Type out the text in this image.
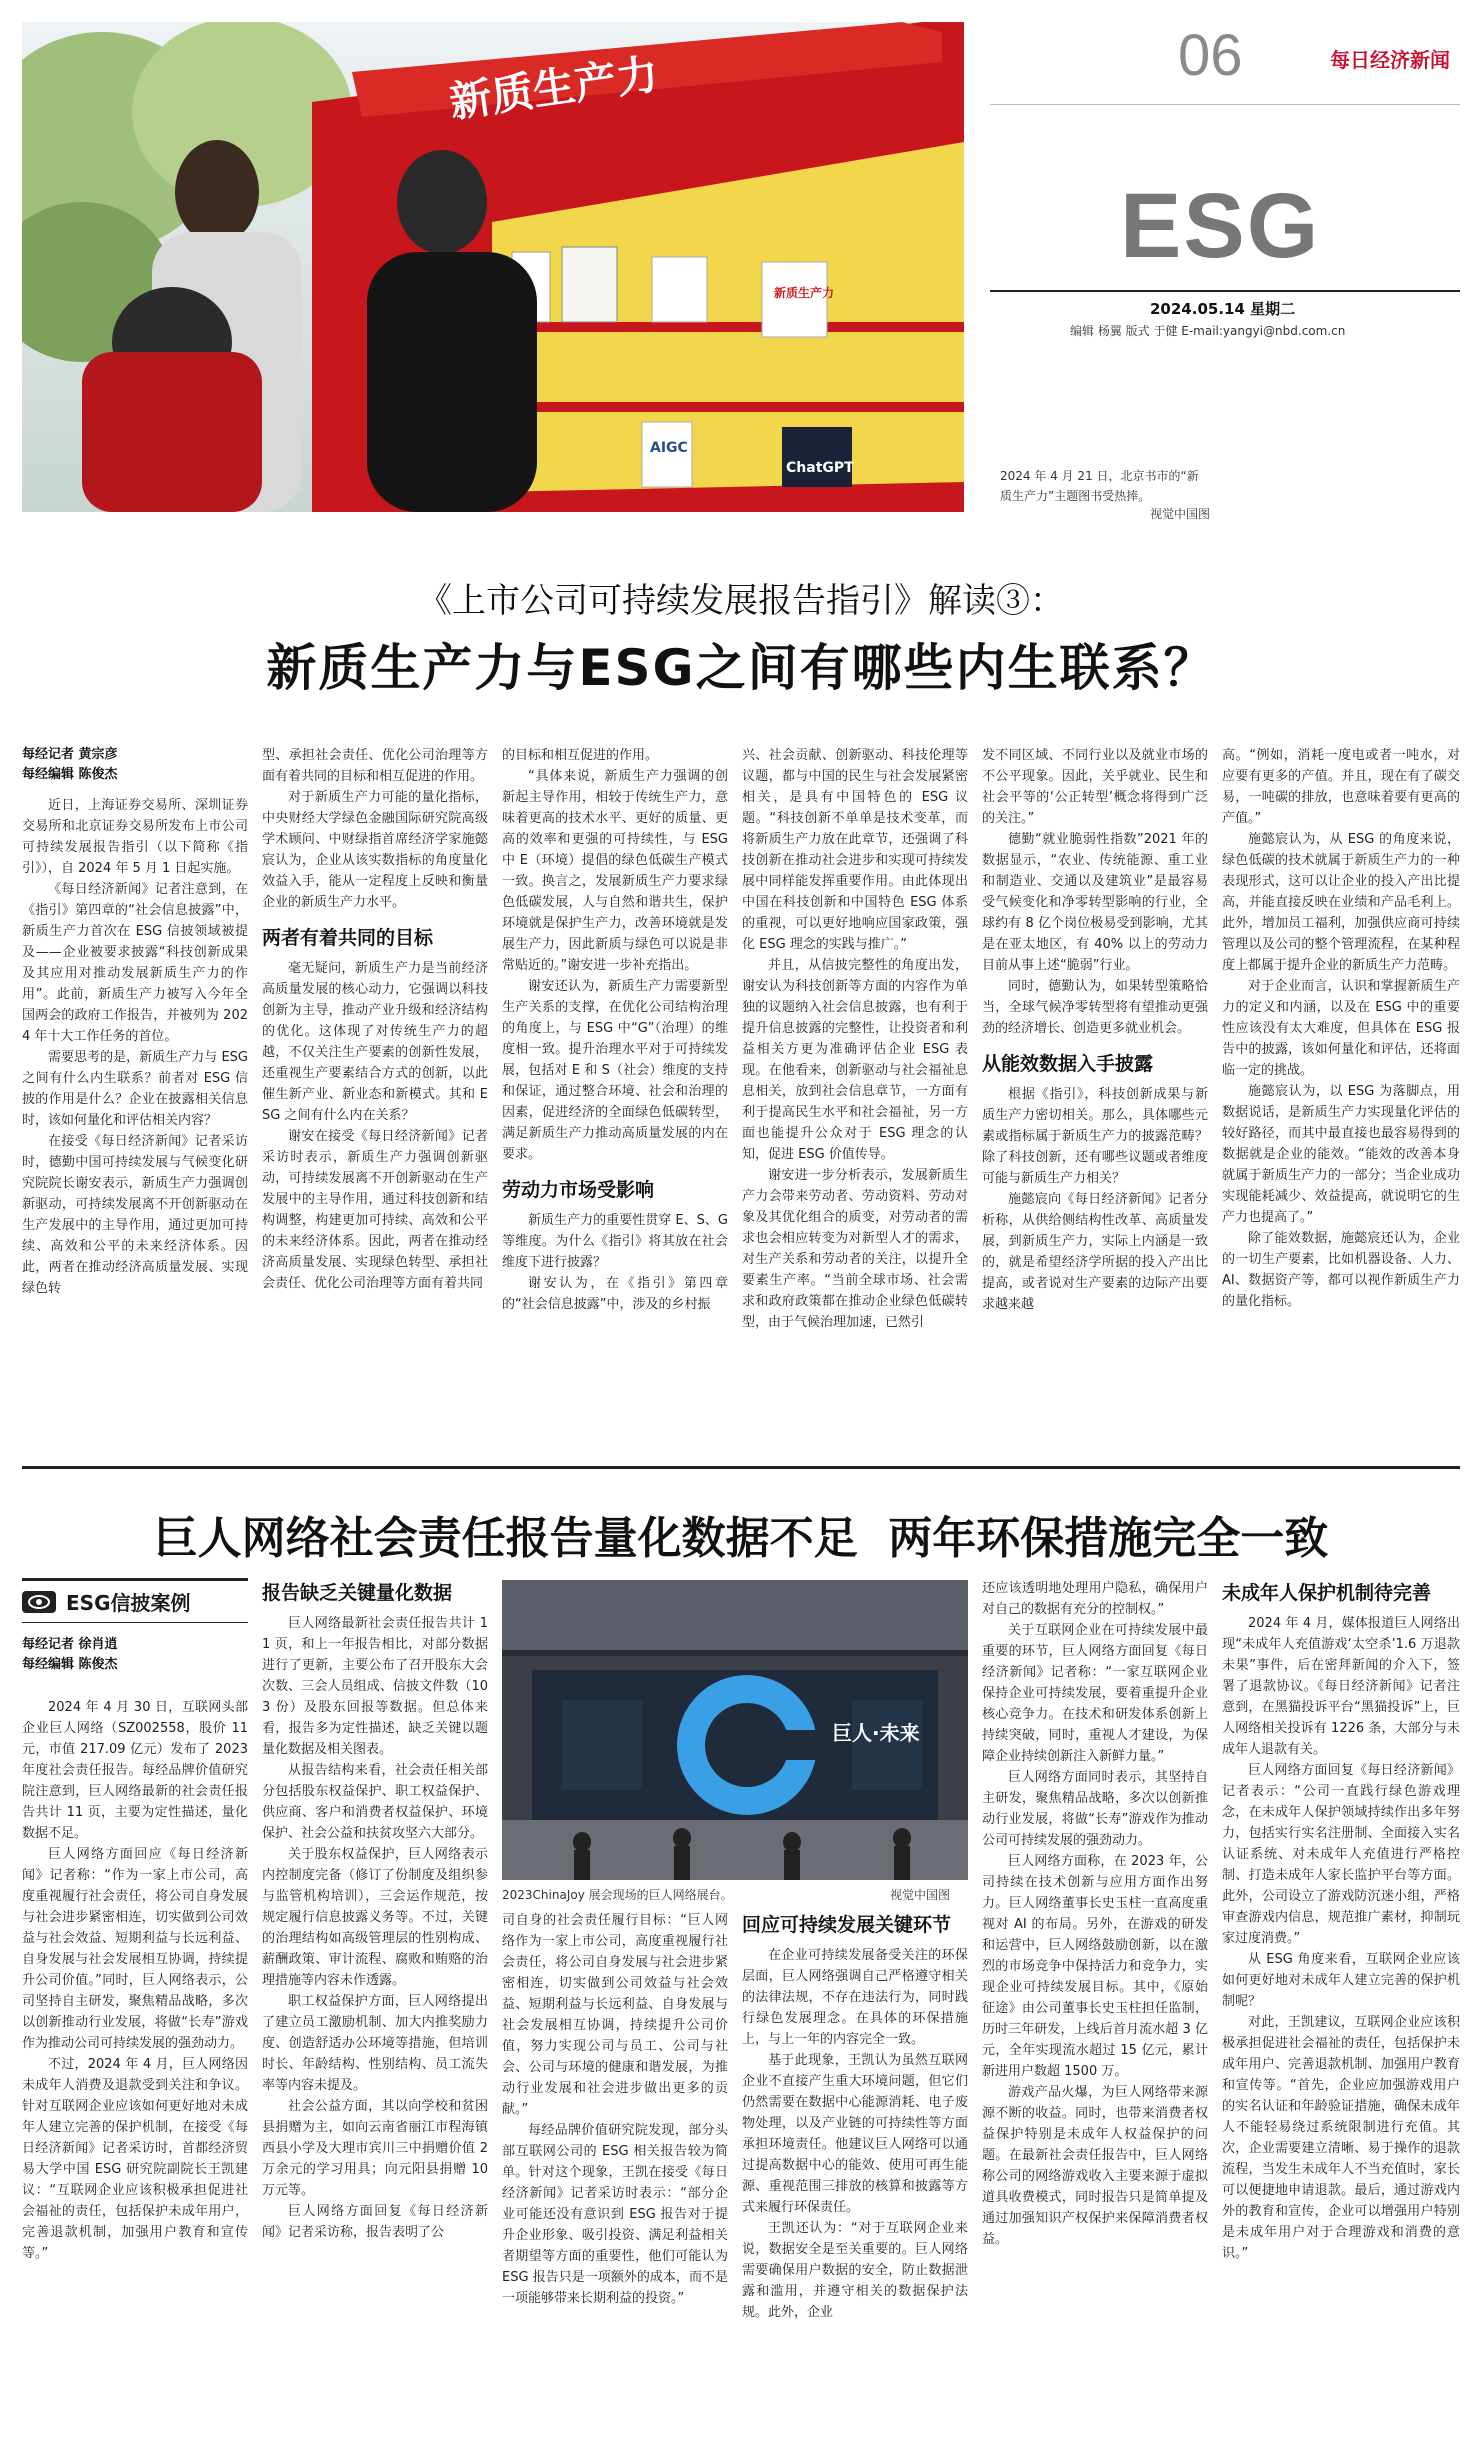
新质生产力
新质生产力
AIGC
ChatGPT
06	每日经济新闻
ESG
2024.05.14 星期二
编辑 杨翼 版式 于健 E-mail:yangyi@nbd.com.cn
2024 年 4 月 21 日，北京书市的“新质生产力”主题图书受热捧。
视觉中国图
《上市公司可持续发展报告指引》解读③：
新质生产力与ESG之间有哪些内生联系？
每经记者 黄宗彦
每经编辑 陈俊杰

近日，上海证券交易所、深圳证券交易所和北京证券交易所发布上市公司可持续发展报告指引（以下简称《指引》），自 2024 年 5 月 1 日起实施。

《每日经济新闻》记者注意到，在《指引》第四章的“社会信息披露”中，新质生产力首次在 ESG 信披领域被提及——企业被要求披露“科技创新成果及其应用对推动发展新质生产力的作用”。此前，新质生产力被写入今年全国两会的政府工作报告，并被列为 2024 年十大工作任务的首位。

需要思考的是，新质生产力与 ESG 之间有什么内生联系？前者对 ESG 信披的作用是什么？企业在披露相关信息时，该如何量化和评估相关内容？

在接受《每日经济新闻》记者采访时，德勤中国可持续发展与气候变化研究院院长谢安表示，新质生产力强调创新驱动，可持续发展离不开创新驱动在生产发展中的主导作用，通过更加可持续、高效和公平的未来经济体系。因此，两者在推动经济高质量发展、实现绿色转

型、承担社会责任、优化公司治理等方面有着共同的目标和相互促进的作用。

对于新质生产力可能的量化指标，中央财经大学绿色金融国际研究院高级学术顾问、中财绿指首席经济学家施懿宸认为，企业从该实数指标的角度量化效益入手，能从一定程度上反映和衡量企业的新质生产力水平。

两者有着共同的目标

毫无疑问，新质生产力是当前经济高质量发展的核心动力，它强调以科技创新为主导，推动产业升级和经济结构的优化。这体现了对传统生产力的超越，不仅关注生产要素的创新性发展，还重视生产要素结合方式的创新，以此催生新产业、新业态和新模式。其和 ESG 之间有什么内在关系？

谢安在接受《每日经济新闻》记者采访时表示，新质生产力强调创新驱动，可持续发展离不开创新驱动在生产发展中的主导作用，通过科技创新和结构调整，构建更加可持续、高效和公平的未来经济体系。因此，两者在推动经济高质量发展、实现绿色转型、承担社会责任、优化公司治理等方面有着共同

的目标和相互促进的作用。

“具体来说，新质生产力强调的创新起主导作用，相较于传统生产力，意味着更高的技术水平、更好的质量、更高的效率和更强的可持续性，与 ESG 中 E（环境）提倡的绿色低碳生产模式一致。换言之，发展新质生产力要求绿色低碳发展，人与自然和谐共生，保护环境就是保护生产力，改善环境就是发展生产力，因此新质与绿色可以说是非常贴近的。”谢安进一步补充指出。

谢安还认为，新质生产力需要新型生产关系的支撑，在优化公司结构治理的角度上，与 ESG 中“G”（治理）的维度相一致。提升治理水平对于可持续发展，包括对 E 和 S（社会）维度的支持和保证，通过整合环境、社会和治理的因素，促进经济的全面绿色低碳转型，满足新质生产力推动高质量发展的内在要求。

劳动力市场受影响

新质生产力的重要性贯穿 E、S、G 等维度。为什么《指引》将其放在社会维度下进行披露？

谢安认为，在《指引》第四章的“社会信息披露”中，涉及的乡村振

兴、社会贡献、创新驱动、科技伦理等议题，都与中国的民生与社会发展紧密相关，是具有中国特色的 ESG 议题。“科技创新不单单是技术变革，而将新质生产力放在此章节，还强调了科技创新在推动社会进步和实现可持续发展中同样能发挥重要作用。由此体现出中国在科技创新和中国特色 ESG 体系的重视，可以更好地响应国家政策，强化 ESG 理念的实践与推广。”

并且，从信披完整性的角度出发，谢安认为科技创新等方面的内容作为单独的议题纳入社会信息披露，也有利于提升信息披露的完整性，让投资者和利益相关方更为准确评估企业 ESG 表现。在他看来，创新驱动与社会福祉息息相关，放到社会信息章节，一方面有利于提高民生水平和社会福祉，另一方面也能提升公众对于 ESG 理念的认知，促进 ESG 价值传导。

谢安进一步分析表示，发展新质生产力会带来劳动者、劳动资料、劳动对象及其优化组合的质变，对劳动者的需求也会相应转变为对新型人才的需求，对生产关系和劳动者的关注，以提升全要素生产率。“当前全球市场、社会需求和政府政策都在推动企业绿色低碳转型，由于气候治理加速，已然引

发不同区域、不同行业以及就业市场的不公平现象。因此，关乎就业、民生和社会平等的‘公正转型’概念将得到广泛的关注。”

德勤“就业脆弱性指数”2021 年的数据显示，“农业、传统能源、重工业和制造业、交通以及建筑业”是最容易受气候变化和净零转型影响的行业，全球约有 8 亿个岗位极易受到影响，尤其是在亚太地区，有 40% 以上的劳动力目前从事上述“脆弱”行业。

同时，德勤认为，如果转型策略恰当，全球气候净零转型将有望推动更强劲的经济增长、创造更多就业机会。

从能效数据入手披露

根据《指引》，科技创新成果与新质生产力密切相关。那么，具体哪些元素或指标属于新质生产力的披露范畴？除了科技创新，还有哪些议题或者维度可能与新质生产力相关？

施懿宸向《每日经济新闻》记者分析称，从供给侧结构性改革、高质量发展，到新质生产力，实际上内涵是一致的，就是希望经济学所据的投入产出比提高，或者说对生产要素的边际产出要求越来越

高。“例如，消耗一度电或者一吨水，对应要有更多的产值。并且，现在有了碳交易，一吨碳的排放，也意味着要有更高的产值。”

施懿宸认为，从 ESG 的角度来说，绿色低碳的技术就属于新质生产力的一种表现形式，这可以让企业的投入产出比提高，并能直接反映在业绩和产品毛利上。此外，增加员工福利，加强供应商可持续管理以及公司的整个管理流程，在某种程度上都属于提升企业的新质生产力范畴。

对于企业而言，认识和掌握新质生产力的定义和内涵，以及在 ESG 中的重要性应该没有太大难度，但具体在 ESG 报告中的披露，该如何量化和评估，还将面临一定的挑战。

施懿宸认为，以 ESG 为落脚点，用数据说话，是新质生产力实现量化评估的较好路径，而其中最直接也最容易得到的数据就是企业的能效。“能效的改善本身就属于新质生产力的一部分；当企业成功实现能耗减少、效益提高，就说明它的生产力也提高了。”

除了能效数据，施懿宸还认为，企业的一切生产要素，比如机器设备、人力、AI、数据资产等，都可以视作新质生产力的量化指标。

巨人网络社会责任报告量化数据不足  两年环保措施完全一致
ESG信披案例
每经记者 徐肖逍
每经编辑 陈俊杰

2024 年 4 月 30 日，互联网头部企业巨人网络（SZ002558，股价 11 元，市值 217.09 亿元）发布了 2023 年度社会责任报告。每经品牌价值研究院注意到，巨人网络最新的社会责任报告共计 11 页，主要为定性描述，量化数据不足。

巨人网络方面回应《每日经济新闻》记者称：“作为一家上市公司，高度重视履行社会责任，将公司自身发展与社会进步紧密相连，切实做到公司效益与社会效益、短期利益与长远利益、自身发展与社会发展相互协调，持续提升公司价值。”同时，巨人网络表示，公司坚持自主研发，聚焦精品战略，多次以创新推动行业发展，将做“长寿”游戏作为推动公司可持续发展的强劲动力。

不过，2024 年 4 月，巨人网络因未成年人消费及退款受到关注和争议。针对互联网企业应该如何更好地对未成年人建立完善的保护机制，在接受《每日经济新闻》记者采访时，首都经济贸易大学中国 ESG 研究院副院长王凯建议：“互联网企业应该积极承担促进社会福祉的责任，包括保护未成年用户，完善退款机制，加强用户教育和宣传等。”

报告缺乏关键量化数据

巨人网络最新社会责任报告共计 11 页，和上一年报告相比，对部分数据进行了更新，主要公布了召开股东大会次数、三会人员组成、信披文件数（103 份）及股东回报等数据。但总体来看，报告多为定性描述，缺乏关键以题量化数据及相关图表。

从报告结构来看，社会责任相关部分包括股东权益保护、职工权益保护、供应商、客户和消费者权益保护、环境保护、社会公益和扶贫攻坚六大部分。

关于股东权益保护，巨人网络表示内控制度完备（修订了份制度及组织参与监管机构培训），三会运作规范，按规定履行信息披露义务等。不过，关键的治理结构如高级管理层的性别构成、薪酬政策、审计流程、腐败和贿赂的治理措施等内容未作透露。

职工权益保护方面，巨人网络提出了建立员工激励机制、加大内推奖励力度、创造舒适办公环境等措施，但培训时长、年龄结构、性别结构、员工流失率等内容未提及。

社会公益方面，其以向学校和贫困县捐赠为主，如向云南省丽江市程海镇西县小学及大理市宾川三中捐赠价值 2 万余元的学习用具；向元阳县捐赠 10 万元等。

巨人网络方面回复《每日经济新闻》记者采访称，报告表明了公

巨人·未来
2023ChinaJoy 展会现场的巨人网络展台。	视觉中国图

司自身的社会责任履行目标：“巨人网络作为一家上市公司，高度重视履行社会责任，将公司自身发展与社会进步紧密相连，切实做到公司效益与社会效益、短期利益与长远利益、自身发展与社会发展相互协调，持续提升公司价值，努力实现公司与员工、公司与社会、公司与环境的健康和谐发展，为推动行业发展和社会进步做出更多的贡献。”

每经品牌价值研究院发现，部分头部互联网公司的 ESG 相关报告较为简单。针对这个现象，王凯在接受《每日经济新闻》记者采访时表示：“部分企业可能还没有意识到 ESG 报告对于提升企业形象、吸引投资、满足利益相关者期望等方面的重要性，他们可能认为 ESG 报告只是一项额外的成本，而不是一项能够带来长期利益的投资。”

回应可持续发展关键环节

在企业可持续发展备受关注的环保层面，巨人网络强调自己严格遵守相关的法律法规，不存在违法行为，同时践行绿色发展理念。在具体的环保措施上，与上一年的内容完全一致。

基于此现象，王凯认为虽然互联网企业不直接产生重大环境问题，但它们仍然需要在数据中心能源消耗、电子废物处理，以及产业链的可持续性等方面承担环境责任。他建议巨人网络可以通过提高数据中心的能效、使用可再生能源、重视范围三排放的核算和披露等方式来履行环保责任。

王凯还认为：“对于互联网企业来说，数据安全是至关重要的。巨人网络需要确保用户数据的安全，防止数据泄露和滥用，并遵守相关的数据保护法规。此外，企业

还应该透明地处理用户隐私，确保用户对自己的数据有充分的控制权。”

关于互联网企业在可持续发展中最重要的环节，巨人网络方面回复《每日经济新闻》记者称：“一家互联网企业保持企业可持续发展，要着重提升企业核心竞争力。在技术和研发体系创新上持续突破，同时，重视人才建设，为保障企业持续创新注入新鲜力量。”

巨人网络方面同时表示，其坚持自主研发，聚焦精品战略，多次以创新推动行业发展，将做“长寿”游戏作为推动公司可持续发展的强劲动力。

巨人网络方面称，在 2023 年，公司持续在技术创新与应用方面作出努力。巨人网络董事长史玉柱一直高度重视对 AI 的布局。另外，在游戏的研发和运营中，巨人网络鼓励创新，以在激烈的市场竞争中保持活力和竞争力，实现企业可持续发展目标。其中，《原始征途》由公司董事长史玉柱担任监制，历时三年研发，上线后首月流水超 3 亿元，全年实现流水超过 15 亿元，累计新进用户数超 1500 万。

游戏产品火爆，为巨人网络带来源源不断的收益。同时，也带来消费者权益保护特别是未成年人权益保护的问题。在最新社会责任报告中，巨人网络称公司的网络游戏收入主要来源于虚拟道具收费模式，同时报告只是简单提及通过加强知识产权保护来保障消费者权益。

未成年人保护机制待完善

2024 年 4 月，媒体报道巨人网络出现“未成年人充值游戏‘太空杀’1.6 万退款未果”事件，后在密拜新闻的介入下，签署了退款协议。《每日经济新闻》记者注意到，在黑猫投诉平台“黑猫投诉”上，巨人网络相关投诉有 1226 条，大部分与未成年人退款有关。

巨人网络方面回复《每日经济新闻》记者表示：“公司一直践行绿色游戏理念，在未成年人保护领域持续作出多年努力，包括实行实名注册制、全面接入实名认证系统、对未成年人充值进行严格控制、打造未成年人家长监护平台等方面。此外，公司设立了游戏防沉迷小组，严格审查游戏内信息，规范推广素材，抑制玩家过度消费。”

从 ESG 角度来看，互联网企业应该如何更好地对未成年人建立完善的保护机制呢？

对此，王凯建议，互联网企业应该积极承担促进社会福祉的责任，包括保护未成年用户、完善退款机制、加强用户教育和宣传等。“首先，企业应加强游戏用户的实名认证和年龄验证措施，确保未成年人不能轻易绕过系统限制进行充值。其次，企业需要建立清晰、易于操作的退款流程，当发生未成年人不当充值时，家长可以便捷地申请退款。最后，通过游戏内外的教育和宣传，企业可以增强用户特别是未成年用户对于合理游戏和消费的意识。”
